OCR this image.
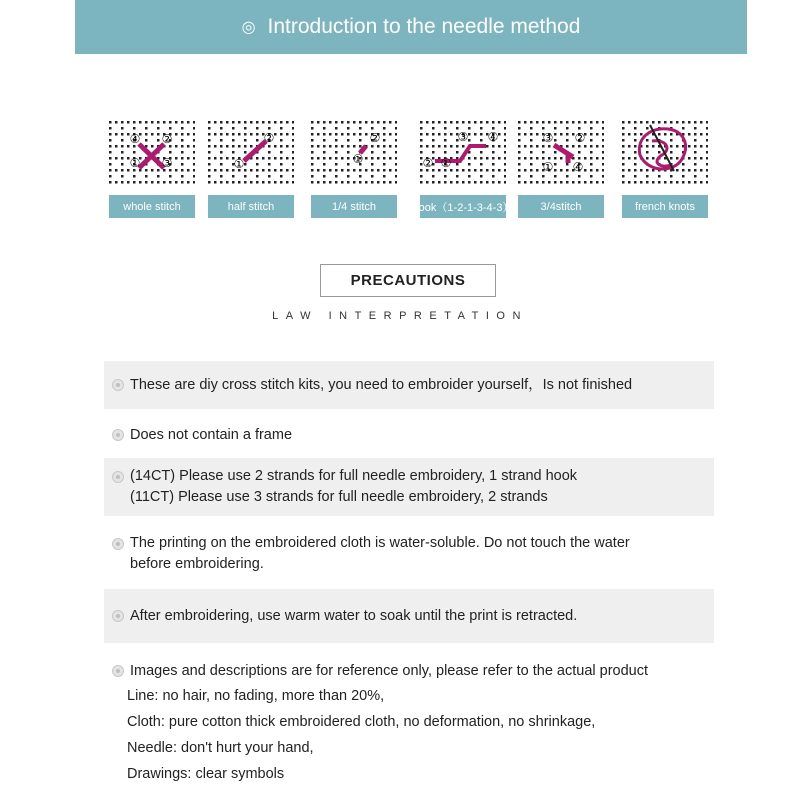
◎ Introduction to the needle method
④ ②
① ③
whole stitch
②
①
half stitch
②
①
1/4 stitch
③ ④
② ①
hook（1-2-1-3-4-3）
③ ②
① ④
3/4stitch	french knots
PRECAUTIONS
LAW INTERPRETATION
These are diy cross stitch kits, you need to embroider yourself，Is not finished
Does not contain a frame
(14CT) Please use 2 strands for full needle embroidery, 1 strand hook
(11CT) Please use 3 strands for full needle embroidery, 2 strands
The printing on the embroidered cloth is water-soluble. Do not touch the water
before embroidering.
After embroidering, use warm water to soak until the print is retracted.
Images and descriptions are for reference only, please refer to the actual product
Line: no hair, no fading, more than 20%,
Cloth: pure cotton thick embroidered cloth, no deformation, no shrinkage,
Needle: don't hurt your hand,
Drawings: clear symbols
